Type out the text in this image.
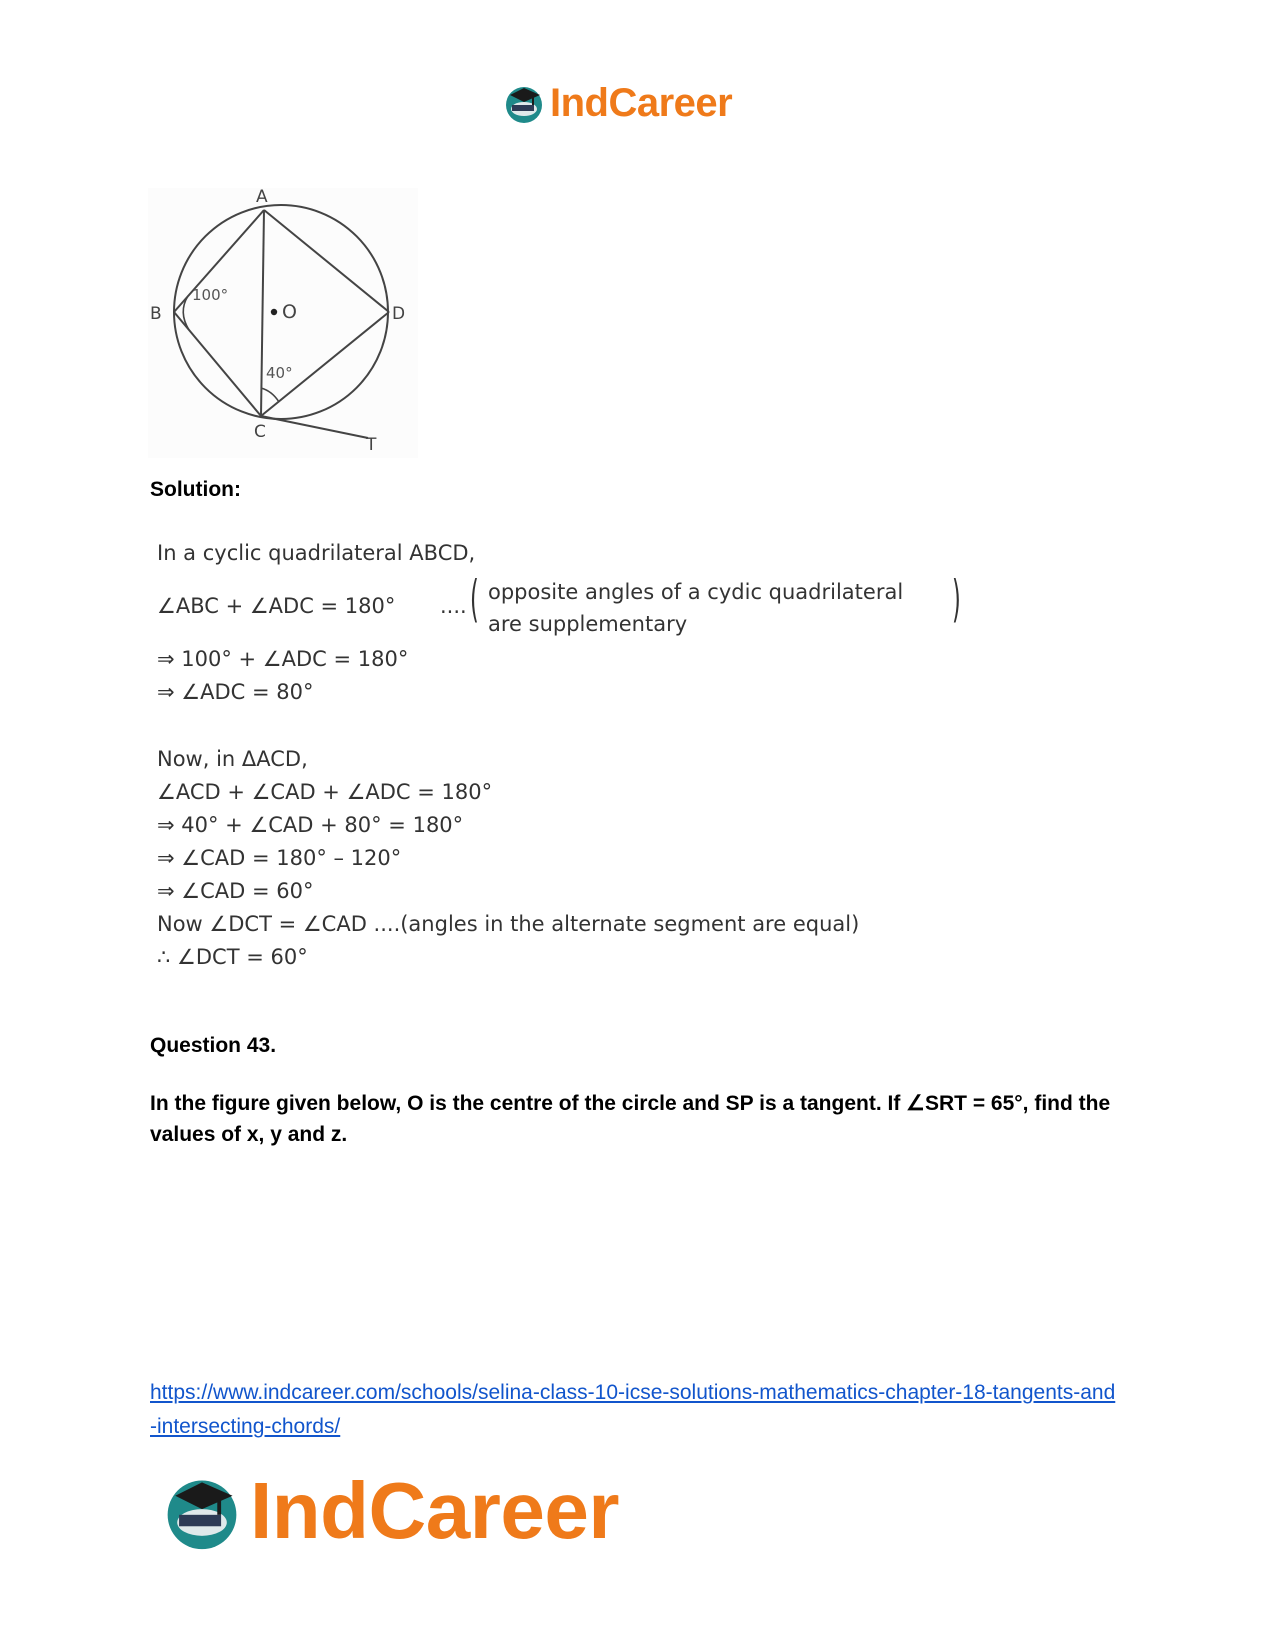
IndCareer
B
A
D
C
O
T
100°
40°
Solution:
In a cyclic quadrilateral ABCD,
∠ABC + ∠ADC = 180° .... ( opposite angles of a cydic quadrilateral
are supplementary	)
⇒ 100° + ∠ADC = 180°
⇒ ∠ADC = 80°
Now, in ΔACD,
∠ACD + ∠CAD + ∠ADC = 180°
⇒ 40° + ∠CAD + 80° = 180°
⇒ ∠CAD = 180° – 120°
⇒ ∠CAD = 60°
Now ∠DCT = ∠CAD ....(angles in the alternate segment are equal)
∴ ∠DCT = 60°
Question 43.
In the figure given below, O is the centre of the circle and SP is a tangent. If ∠SRT = 65°, find the values of x, y and z.
https://www.indcareer.com/schools/selina-class-10-icse-solutions-mathematics-chapter-18-tangents-and-intersecting-chords/
IndCareer
